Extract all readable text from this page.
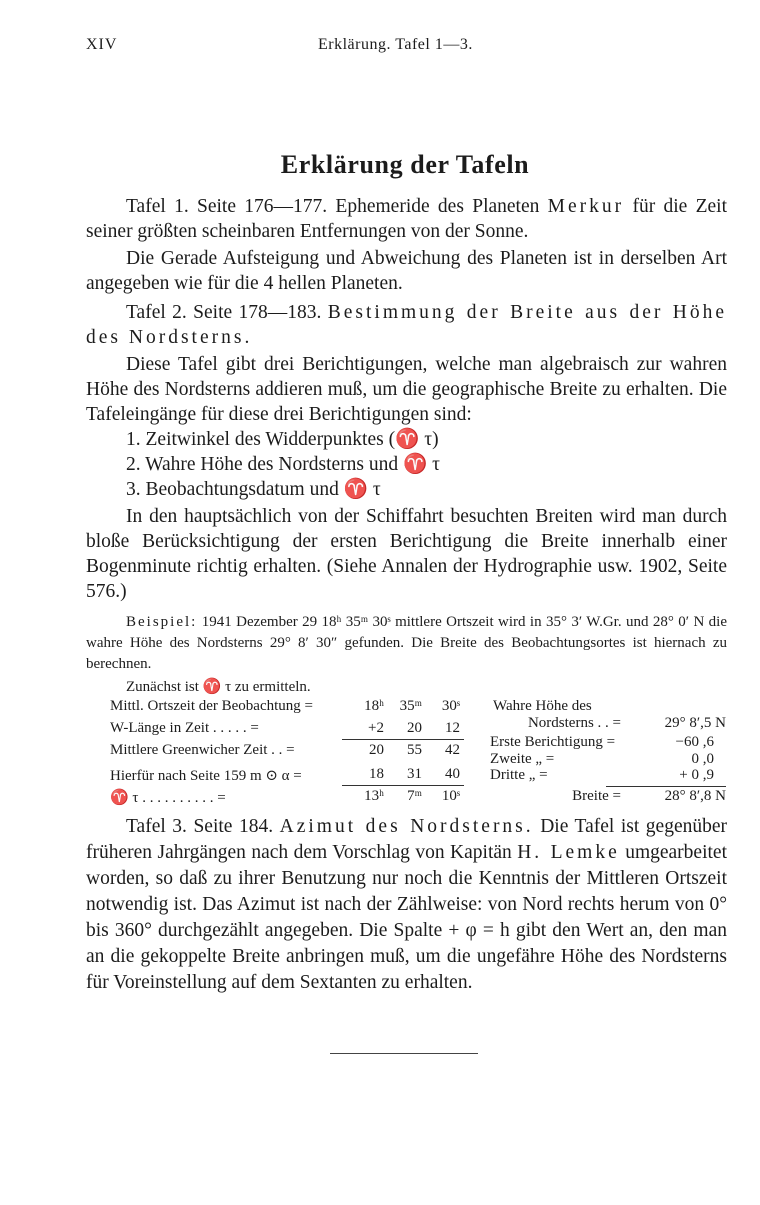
XIV	Erklärung. Tafel 1—3.
Erklärung der Tafeln

Tafel 1. Seite 176—177. Ephemeride des Planeten Merkur für die Zeit seiner größten scheinbaren Entfernungen von der Sonne.

Die Gerade Aufsteigung und Abweichung des Planeten ist in derselben Art angegeben wie für die 4 hellen Planeten.

Tafel 2. Seite 178—183. Bestimmung der Breite aus der Höhe des Nordsterns.

Diese Tafel gibt drei Berichtigungen, welche man algebraisch zur wahren Höhe des Nordsterns addieren muß, um die geographische Breite zu erhalten. Die Tafeleingänge für diese drei Berichtigungen sind:

1. Zeitwinkel des Widderpunktes (♈ τ)
2. Wahre Höhe des Nordsterns und ♈ τ
3. Beobachtungsdatum und ♈ τ

In den hauptsächlich von der Schiffahrt besuchten Breiten wird man durch bloße Berücksichtigung der ersten Berichtigung die Breite innerhalb einer Bogenminute richtig erhalten. (Siehe Annalen der Hydrographie usw. 1902, Seite 576.)

Beispiel: 1941 Dezember 29 18ʰ 35ᵐ 30ˢ mittlere Ortszeit wird in 35° 3′ W.Gr. und 28° 0′ N die wahre Höhe des Nordsterns 29° 8′ 30″ gefunden. Die Breite des Beobachtungsortes ist hiernach zu berechnen.

Zunächst ist ♈ τ zu ermitteln.
Mittl. Ortszeit der Beobachtung =	18ʰ	35ᵐ	30ˢ
W-Länge in Zeit . . . . . =	+2	20	12
Mittlere Greenwicher Zeit . . =	20	55	42
Hierfür nach Seite 159 m ⊙ α =	18	31	40
♈ τ . . . . . . . . . . =	13ʰ	7ᵐ	10ˢ
Wahre Höhe des
Nordsterns . . =	29° 8′,5 N
Erste Berichtigung =	−60 ,6
Zweite „ =	0 ,0
Dritte „ =	+ 0 ,9
Breite =	28° 8′,8 N

Tafel 3. Seite 184. Azimut des Nordsterns. Die Tafel ist gegenüber früheren Jahrgängen nach dem Vorschlag von Kapitän H. Lemke umgearbeitet worden, so daß zu ihrer Benutzung nur noch die Kenntnis der Mittleren Ortszeit notwendig ist. Das Azimut ist nach der Zählweise: von Nord rechts herum von 0° bis 360° durchgezählt angegeben. Die Spalte + φ = h gibt den Wert an, den man an die gekoppelte Breite anbringen muß, um die ungefähre Höhe des Nordsterns für Voreinstellung auf dem Sextanten zu erhalten.
